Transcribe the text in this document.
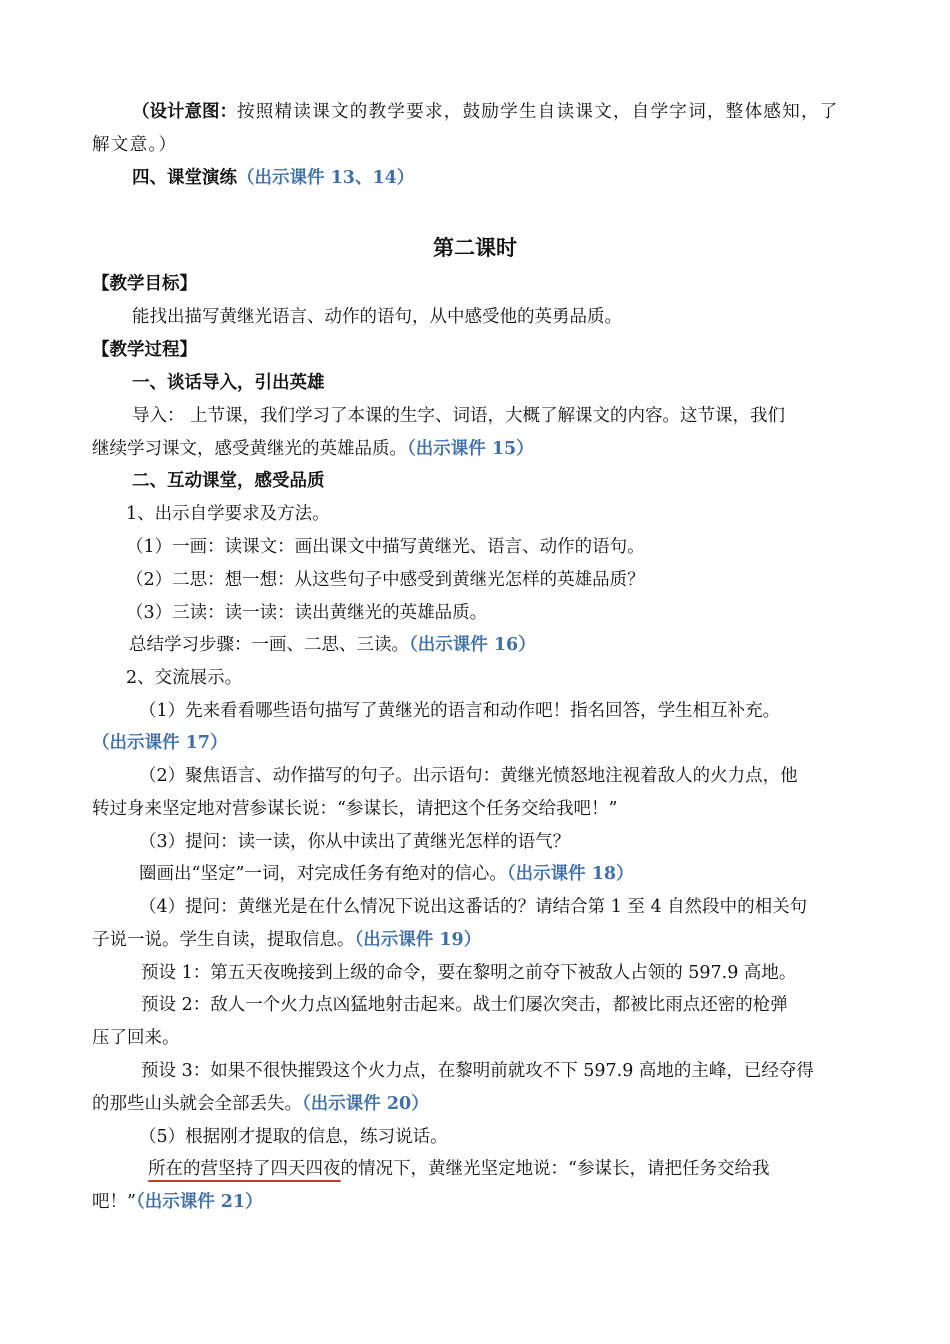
（设计意图：按照精读课文的教学要求，鼓励学生自读课文，自学字词，整体感知，了
解文意。）
四、课堂演练（出示课件 13、14）
第二课时
【教学目标】
能找出描写黄继光语言、动作的语句，从中感受他的英勇品质。
【教学过程】
一、谈话导入，引出英雄
导入： 上节课，我们学习了本课的生字、词语，大概了解课文的内容。这节课，我们
继续学习课文，感受黄继光的英雄品质。（出示课件 15）
二、互动课堂，感受品质
1、出示自学要求及方法。
（1）一画：读课文：画出课文中描写黄继光、语言、动作的语句。
（2）二思：想一想：从这些句子中感受到黄继光怎样的英雄品质？
（3）三读：读一读：读出黄继光的英雄品质。
总结学习步骤：一画、二思、三读。（出示课件 16）
2、交流展示。
（1）先来看看哪些语句描写了黄继光的语言和动作吧！指名回答，学生相互补充。
（出示课件 17）
（2）聚焦语言、动作描写的句子。出示语句：黄继光愤怒地注视着敌人的火力点，他
转过身来坚定地对营参谋长说：“参谋长，请把这个任务交给我吧！”
（3）提问：读一读，你从中读出了黄继光怎样的语气？
圈画出“坚定”一词，对完成任务有绝对的信心。（出示课件 18）
（4）提问：黄继光是在什么情况下说出这番话的？请结合第 1 至 4 自然段中的相关句
子说一说。学生自读，提取信息。（出示课件 19）
预设 1：第五天夜晚接到上级的命令，要在黎明之前夺下被敌人占领的 597.9 高地。
预设 2：敌人一个火力点凶猛地射击起来。战士们屡次突击，都被比雨点还密的枪弹
压了回来。
预设 3：如果不很快摧毁这个火力点，在黎明前就攻不下 597.9 高地的主峰，已经夺得
的那些山头就会全部丢失。（出示课件 20）
（5）根据刚才提取的信息，练习说话。
所在的营坚持了四天四夜的情况下，黄继光坚定地说：“参谋长，请把任务交给我
吧！”（出示课件 21）
